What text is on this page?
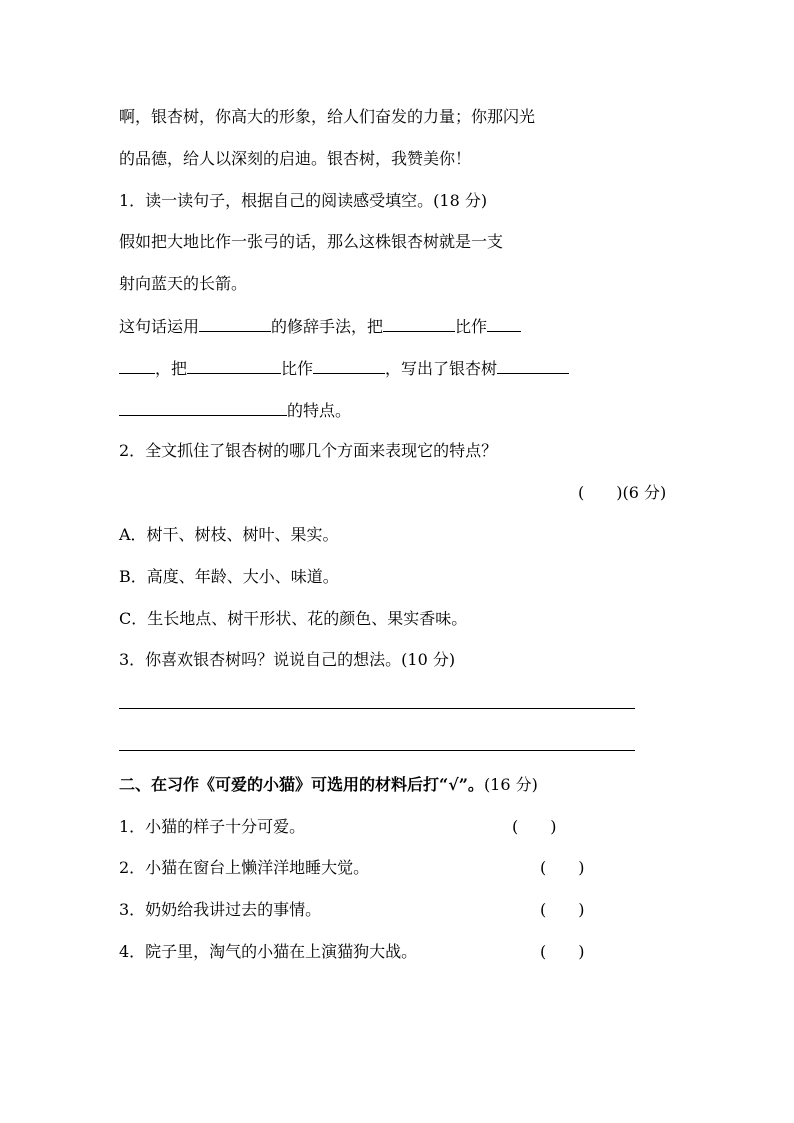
啊，银杏树，你高大的形象，给人们奋发的力量；你那闪光
的品德，给人以深刻的启迪。银杏树，我赞美你！
1．读一读句子，根据自己的阅读感受填空。(18 分)
假如把大地比作一张弓的话，那么这株银杏树就是一支
射向蓝天的长箭。
这句话运用	的修辞手法，把	比作
，把	比作	，写出了银杏树
的特点。
2．全文抓住了银杏树的哪几个方面来表现它的特点？
(　　)(6 分)
A．树干、树枝、树叶、果实。
B．高度、年龄、大小、味道。
C．生长地点、树干形状、花的颜色、果实香味。
3．你喜欢银杏树吗？说说自己的想法。(10 分)
二、在习作《可爱的小猫》可选用的材料后打“√”。(16 分)
1．小猫的样子十分可爱。	(　　)
2．小猫在窗台上懒洋洋地睡大觉。	(　　)
3．奶奶给我讲过去的事情。	(　　)
4．院子里，淘气的小猫在上演猫狗大战。	(　　)
